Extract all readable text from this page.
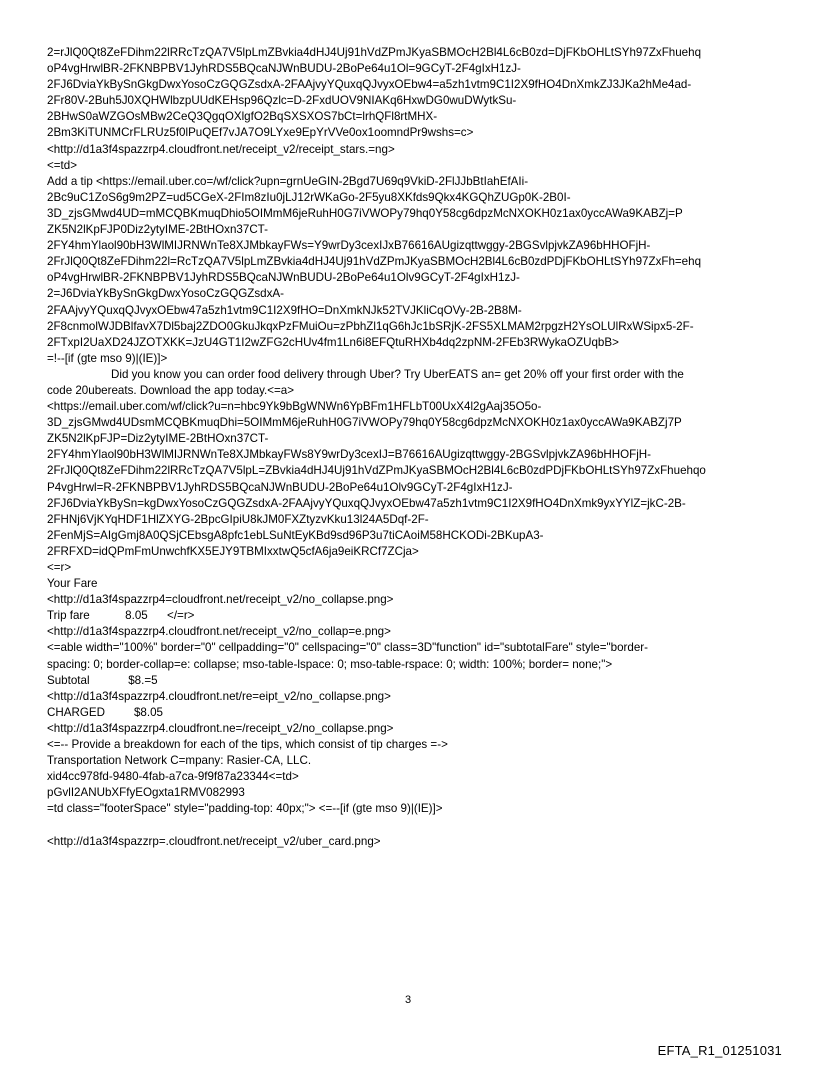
2=rJlQ0Qt8ZeFDihm22lRRcTzQA7V5lpLmZBvkia4dHJ4Uj91hVdZPmJKyaSBMOcH2Bl4L6cB0zd=DjFKbOHLtSYh97ZxFhuehq
oP4vgHrwlBR-2FKNBPBV1JyhRDS5BQcaNJWnBUDU-2BoPe64u1Ol=9GCyT-2F4gIxH1zJ-
2FJ6DviaYkBySnGkgDwxYosoCzGQGZsdxA-2FAAjvyYQuxqQJvyxOEbw4=a5zh1vtm9C1I2X9fHO4DnXmkZJ3JKa2hMe4ad-
2Fr80V-2Buh5J0XQHWlbzpUUdKEHsp96Qzlc=D-2FxdUOV9NIAKq6HxwDG0wuDWytkSu-
2BHwS0aWZGOsMBw2CeQ3QgqOXlgfO2BqSXSXOS7bCt=lrhQFl8rtMHX-
2Bm3KiTUNMCrFLRUz5f0lPuQEf7vJA7O9LYxe9EpYrVVe0ox1oomndPr9wshs=c>
<http://d1a3f4spazzrp4.cloudfront.net/receipt_v2/receipt_stars.=ng>
<=td>
Add a tip <https://email.uber.co=/wf/click?upn=grnUeGIN-2Bgd7U69q9VkiD-2FlJJbBtIahEfAIi-
2Bc9uC1ZoS6g9m2PZ=ud5CGeX-2FIm8zIu0jLJ12rWKaGo-2F5yu8XKfds9Qkx4KGQhZUGp0K-2B0I-
3D_zjsGMwd4UD=mMCQBKmuqDhio5OIMmM6jeRuhH0G7iVWOPy79hq0Y58cg6dpzMcNXOKH0z1ax0yccAWa9KABZj=P
ZK5N2lKpFJP0Diz2ytyIME-2BtHOxn37CT-
2FY4hmYlaol90bH3WlMIJRNWnTe8XJMbkayFWs=Y9wrDy3cexIJxB76616AUgizqttwggy-2BGSvlpjvkZA96bHHOFjH-
2FrJlQ0Qt8ZeFDihm22l=RcTzQA7V5lpLmZBvkia4dHJ4Uj91hVdZPmJKyaSBMOcH2Bl4L6cB0zdPDjFKbOHLtSYh97ZxFh=ehq
oP4vgHrwlBR-2FKNBPBV1JyhRDS5BQcaNJWnBUDU-2BoPe64u1Olv9GCyT-2F4gIxH1zJ-
2=J6DviaYkBySnGkgDwxYosoCzGQGZsdxA-
2FAAjvyYQuxqQJvyxOEbw47a5zh1vtm9C1I2X9fHO=DnXmkNJk52TVJKliCqOVy-2B-2B8M-
2F8cnmolWJDBlfavX7Dl5baj2ZDO0GkuJkqxPzFMuiOu=zPbhZl1qG6hJc1bSRjK-2FS5XLMAM2rpgzH2YsOLUlRxWSipx5-2F-
2FTxpI2UaXD24JZOTXKK=JzU4GT1I2wZFG2cHUv4fm1Ln6i8EFQtuRHXb4dq2zpNM-2FEb3RWykaOZUqbB>
=!--[if (gte mso 9)|(IE)]>
Did you know you can order food delivery through Uber? Try UberEATS an= get 20% off your first order with the
code 20ubereats. Download the app today.<=a>
<https://email.uber.com/wf/click?u=n=hbc9Yk9bBgWNWn6YpBFm1HFLbT00UxX4l2gAaj35O5o-
3D_zjsGMwd4UDsmMCQBKmuqDhi=5OIMmM6jeRuhH0G7iVWOPy79hq0Y58cg6dpzMcNXOKH0z1ax0yccAWa9KABZj7P
ZK5N2lKpFJP=Diz2ytyIME-2BtHOxn37CT-
2FY4hmYlaol90bH3WlMIJRNWnTe8XJMbkayFWs8Y9wrDy3cexIJ=B76616AUgizqttwggy-2BGSvlpjvkZA96bHHOFjH-
2FrJlQ0Qt8ZeFDihm22lRRcTzQA7V5lpL=ZBvkia4dHJ4Uj91hVdZPmJKyaSBMOcH2Bl4L6cB0zdPDjFKbOHLtSYh97ZxFhuehqo
P4vgHrwl=R-2FKNBPBV1JyhRDS5BQcaNJWnBUDU-2BoPe64u1Olv9GCyT-2F4gIxH1zJ-
2FJ6DviaYkBySn=kgDwxYosoCzGQGZsdxA-2FAAjvyYQuxqQJvyxOEbw47a5zh1vtm9C1I2X9fHO4DnXmk9yxYYlZ=jkC-2B-
2FHNj6VjKYqHDF1HlZXYG-2BpcGIpiU8kJM0FXZtyzvKku13l24A5Dqf-2F-
2FenMjS=AIgGmj8A0QSjCEbsgA8pfc1ebLSuNtEyKBd9sd96P3u7tiCAoiM58HCKODi-2BKupA3-
2FRFXD=idQPmFmUnwchfKX5EJY9TBMIxxtwQ5cfA6ja9eiKRCf7ZCja>
<=r>
Your Fare
<http://d1a3f4spazzrp4=cloudfront.net/receipt_v2/no_collapse.png>
Trip fare           8.05      </=r>
<http://d1a3f4spazzrp4.cloudfront.net/receipt_v2/no_collap=e.png>
<=able width="100%" border="0" cellpadding="0" cellspacing="0" class=3D"function" id="subtotalFare" style="border-
spacing: 0; border-collap=e: collapse; mso-table-lspace: 0; mso-table-rspace: 0; width: 100%; border= none;">
Subtotal            $8.=5
<http://d1a3f4spazzrp4.cloudfront.net/re=eipt_v2/no_collapse.png>
CHARGED         $8.05
<http://d1a3f4spazzrp4.cloudfront.ne=/receipt_v2/no_collapse.png>
<=-- Provide a breakdown for each of the tips, which consist of tip charges =->
Transportation Network C=mpany: Rasier-CA, LLC.
xid4cc978fd-9480-4fab-a7ca-9f9f87a23344<=td>
pGvlI2ANUbXFfyEOgxta1RMV082993
=td class="footerSpace" style="padding-top: 40px;"> <=--[if (gte mso 9)|(IE)]>
<http://d1a3f4spazzrp=.cloudfront.net/receipt_v2/uber_card.png>
3
EFTA_R1_01251031
